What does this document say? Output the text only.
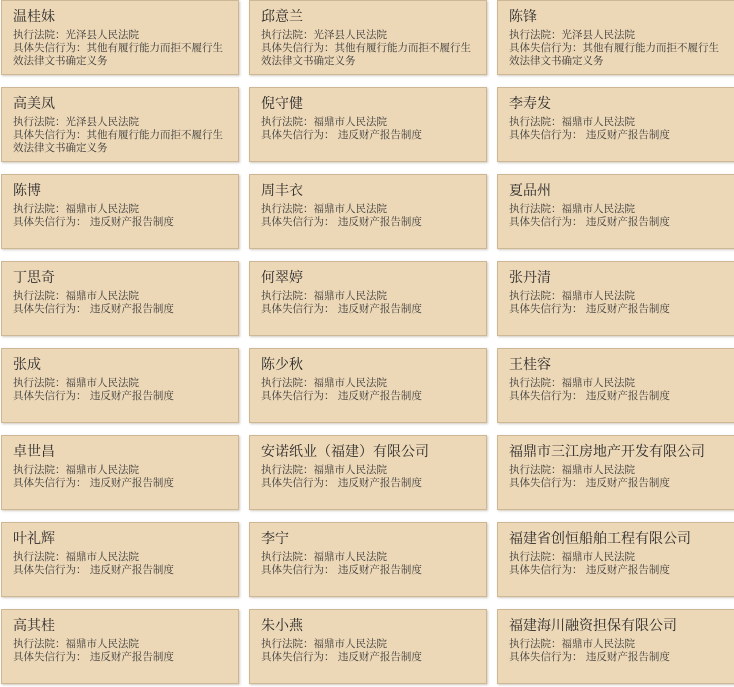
温桂妹
执行法院：光泽县人民法院
具体失信行为：其他有履行能力而拒不履行生效法律文书确定义务
邱意兰
执行法院：光泽县人民法院
具体失信行为：其他有履行能力而拒不履行生效法律文书确定义务
陈锋
执行法院：光泽县人民法院
具体失信行为：其他有履行能力而拒不履行生效法律文书确定义务
高美凤
执行法院：光泽县人民法院
具体失信行为：其他有履行能力而拒不履行生效法律文书确定义务
倪守健
执行法院：福鼎市人民法院
具体失信行为： 违反财产报告制度
李寿发
执行法院：福鼎市人民法院
具体失信行为： 违反财产报告制度
陈博
执行法院：福鼎市人民法院
具体失信行为： 违反财产报告制度
周丰衣
执行法院：福鼎市人民法院
具体失信行为： 违反财产报告制度
夏品州
执行法院：福鼎市人民法院
具体失信行为： 违反财产报告制度
丁思奇
执行法院：福鼎市人民法院
具体失信行为： 违反财产报告制度
何翠婷
执行法院：福鼎市人民法院
具体失信行为： 违反财产报告制度
张丹清
执行法院：福鼎市人民法院
具体失信行为： 违反财产报告制度
张成
执行法院：福鼎市人民法院
具体失信行为： 违反财产报告制度
陈少秋
执行法院：福鼎市人民法院
具体失信行为： 违反财产报告制度
王桂容
执行法院：福鼎市人民法院
具体失信行为： 违反财产报告制度
卓世昌
执行法院：福鼎市人民法院
具体失信行为： 违反财产报告制度
安诺纸业（福建）有限公司
执行法院：福鼎市人民法院
具体失信行为： 违反财产报告制度
福鼎市三江房地产开发有限公司
执行法院：福鼎市人民法院
具体失信行为： 违反财产报告制度
叶礼辉
执行法院：福鼎市人民法院
具体失信行为： 违反财产报告制度
李宁
执行法院：福鼎市人民法院
具体失信行为： 违反财产报告制度
福建省创恒船舶工程有限公司
执行法院：福鼎市人民法院
具体失信行为： 违反财产报告制度
高其桂
执行法院：福鼎市人民法院
具体失信行为： 违反财产报告制度
朱小燕
执行法院：福鼎市人民法院
具体失信行为： 违反财产报告制度
福建海川融资担保有限公司
执行法院：福鼎市人民法院
具体失信行为： 违反财产报告制度
